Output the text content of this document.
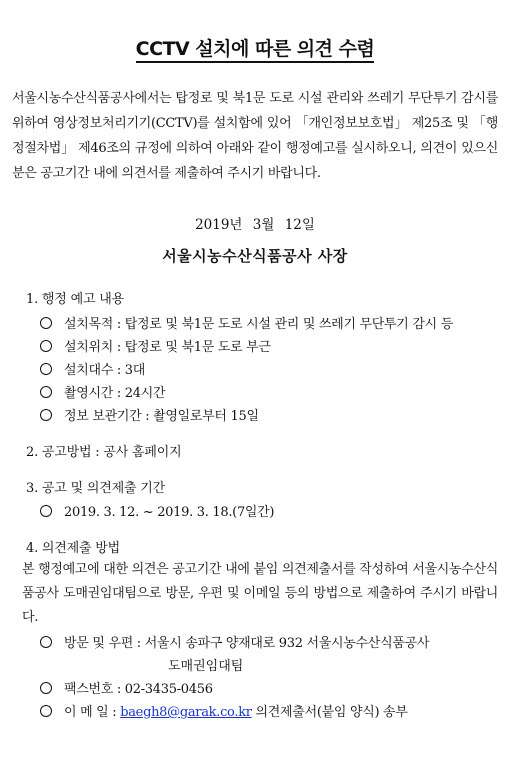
CCTV 설치에 따른 의견 수렴
서울시농수산식품공사에서는 탑정로 및 북1문 도로 시설 관리와 쓰레기 무단투기 감시를 위하여 영상정보처리기기(CCTV)를 설치함에 있어 「개인정보보호법」 제25조 및 「행정절차법」 제46조의 규정에 의하여 아래와 같이 행정예고를 실시하오니, 의견이 있으신 분은 공고기간 내에 의견서를 제출하여 주시기 바랍니다.
2019년 3월 12일
서울시농수산식품공사 사장
1. 행정 예고 내용
설치목적 : 탑정로 및 북1문 도로 시설 관리 및 쓰레기 무단투기 감시 등
설치위치 : 탑정로 및 북1문 도로 부근
설치대수 : 3대
촬영시간 : 24시간
정보 보관기간 : 촬영일로부터 15일
2. 공고방법 : 공사 홈페이지
3. 공고 및 의견제출 기간
2019. 3. 12. ~ 2019. 3. 18.(7일간)
4. 의견제출 방법
본 행정예고에 대한 의견은 공고기간 내에 붙임 의견제출서를 작성하여 서울시농수산식품공사 도매권임대팀으로 방문, 우편 및 이메일 등의 방법으로 제출하여 주시기 바랍니다.
방문 및 우편 : 서울시 송파구 양재대로 932 서울시농수산식품공사
도매권임대팀
팩스번호 : 02-3435-0456
이 메 일 : baegh8@garak.co.kr 의견제출서(붙임 양식) 송부
